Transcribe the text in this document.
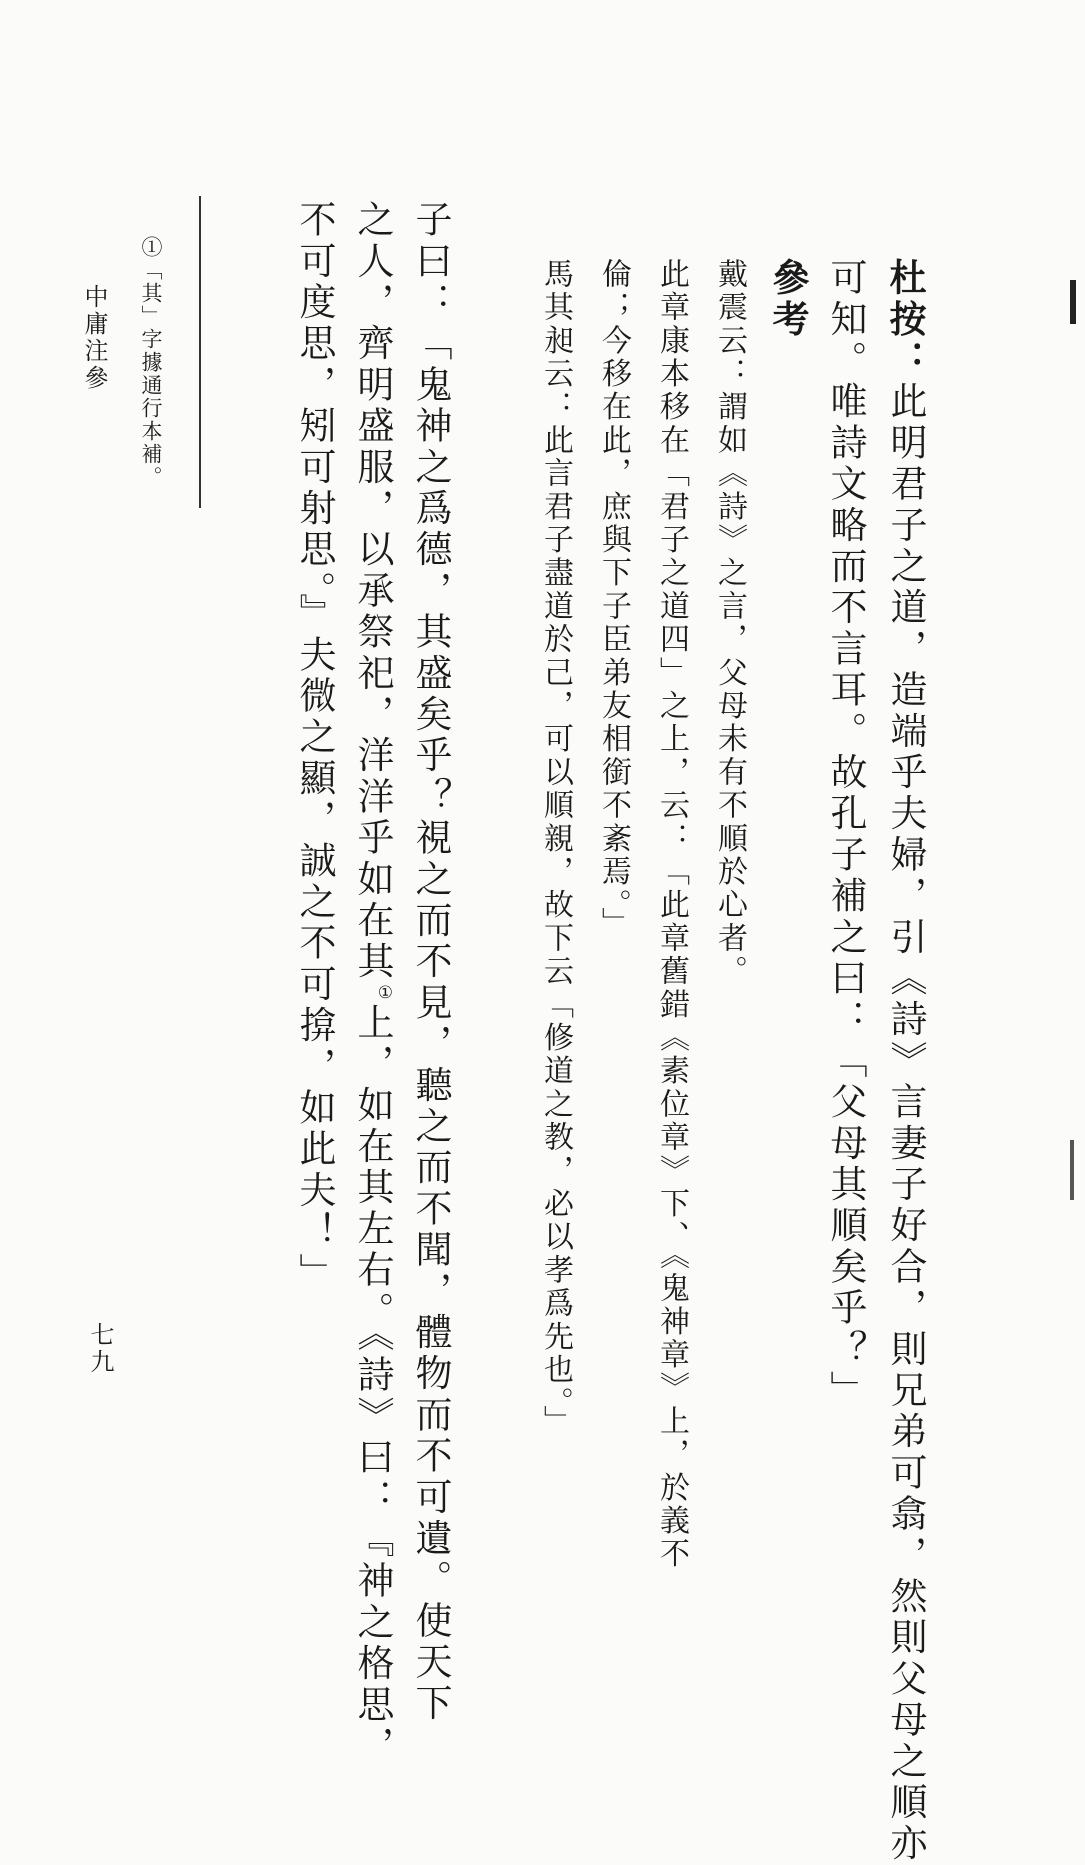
杜按：此明君子之道，造端乎夫婦，引《詩》言妻子好合，則兄弟可翕，然則父母之順亦
可知。唯詩文略而不言耳。故孔子補之曰：「父母其順矣乎？」
參考
戴震云：謂如《詩》之言，父母未有不順於心者。
此章康本移在「君子之道四」之上，云：「此章舊錯《素位章》下、《鬼神章》上，於義不
倫；今移在此，庶與下子臣弟友相銜不紊焉。」
馬其昶云：此言君子盡道於己，可以順親，故下云「修道之教，必以孝爲先也。」
子曰：「鬼神之爲德，其盛矣乎？視之而不見，聽之而不聞，體物而不可遺。使天下
之人，齊明盛服，以承祭祀，洋洋乎如在其①上，如在其左右。《詩》曰：『神之格思，
不可度思，矧可射思。』夫微之顯，誠之不可揜，如此夫！」
①「其」字據通行本補。
中庸注參
七九
